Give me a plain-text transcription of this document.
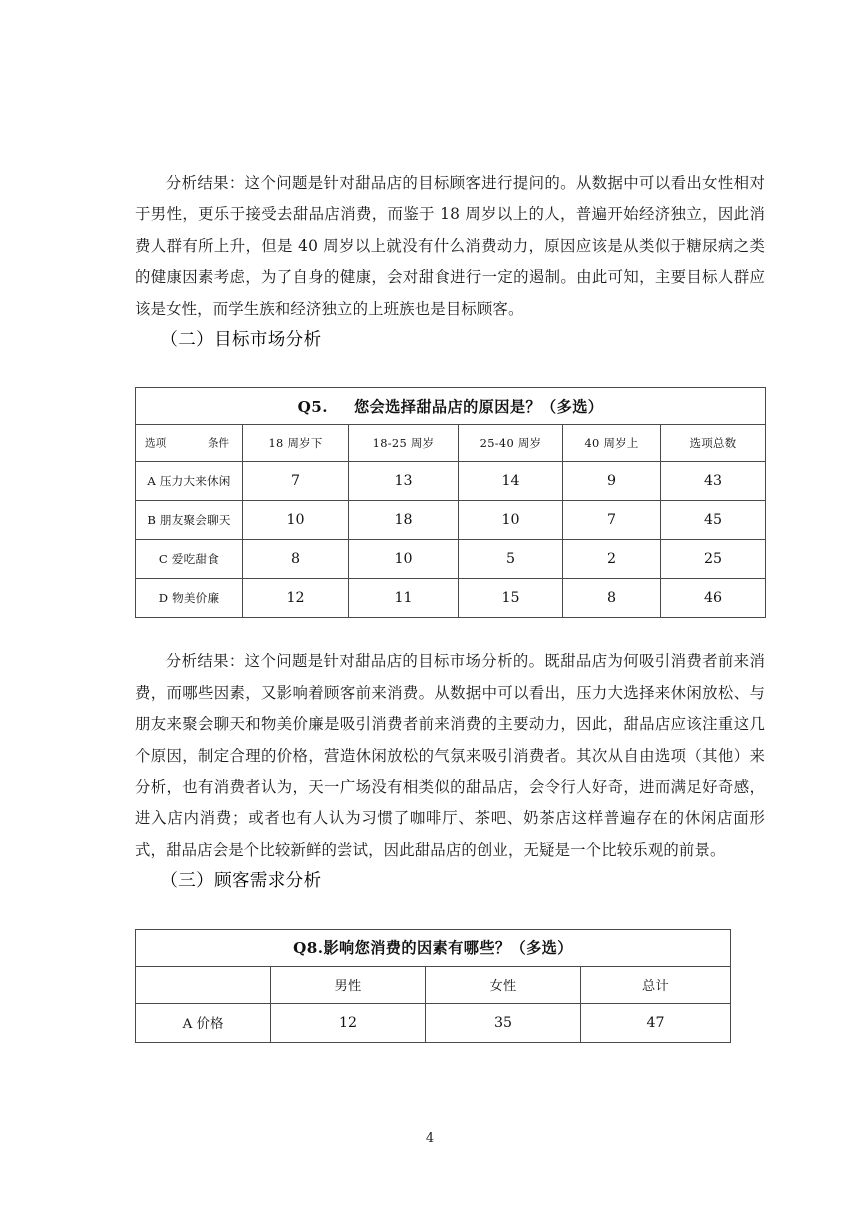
分析结果：这个问题是针对甜品店的目标顾客进行提问的。从数据中可以看出女性相对于男性，更乐于接受去甜品店消费，而鉴于 18 周岁以上的人，普遍开始经济独立，因此消费人群有所上升，但是 40 周岁以上就没有什么消费动力，原因应该是从类似于糖尿病之类的健康因素考虑，为了自身的健康，会对甜食进行一定的遏制。由此可知，主要目标人群应该是女性，而学生族和经济独立的上班族也是目标顾客。

（二）目标市场分析
Q5. 您会选择甜品店的原因是？（多选）					

选项 条件	18 周岁下	18-25 周岁	25-40 周岁	40 周岁上	选项总数
A 压力大来休闲	7	13	14	9	43
B 朋友聚会聊天	10	18	10	7	45
C 爱吃甜食	8	10	5	2	25
D 物美价廉	12	11	15	8	46

分析结果：这个问题是针对甜品店的目标市场分析的。既甜品店为何吸引消费者前来消费，而哪些因素，又影响着顾客前来消费。从数据中可以看出，压力大选择来休闲放松、与朋友来聚会聊天和物美价廉是吸引消费者前来消费的主要动力，因此，甜品店应该注重这几个原因，制定合理的价格，营造休闲放松的气氛来吸引消费者。其次从自由选项（其他）来分析，也有消费者认为，天一广场没有相类似的甜品店，会令行人好奇，进而满足好奇感，进入店内消费；或者也有人认为习惯了咖啡厅、茶吧、奶茶店这样普遍存在的休闲店面形式，甜品店会是个比较新鲜的尝试，因此甜品店的创业，无疑是一个比较乐观的前景。

（三）顾客需求分析
Q8.影响您消费的因素有哪些？（多选）			
	男性	女性	总计
A 价格	12	35	47
4
